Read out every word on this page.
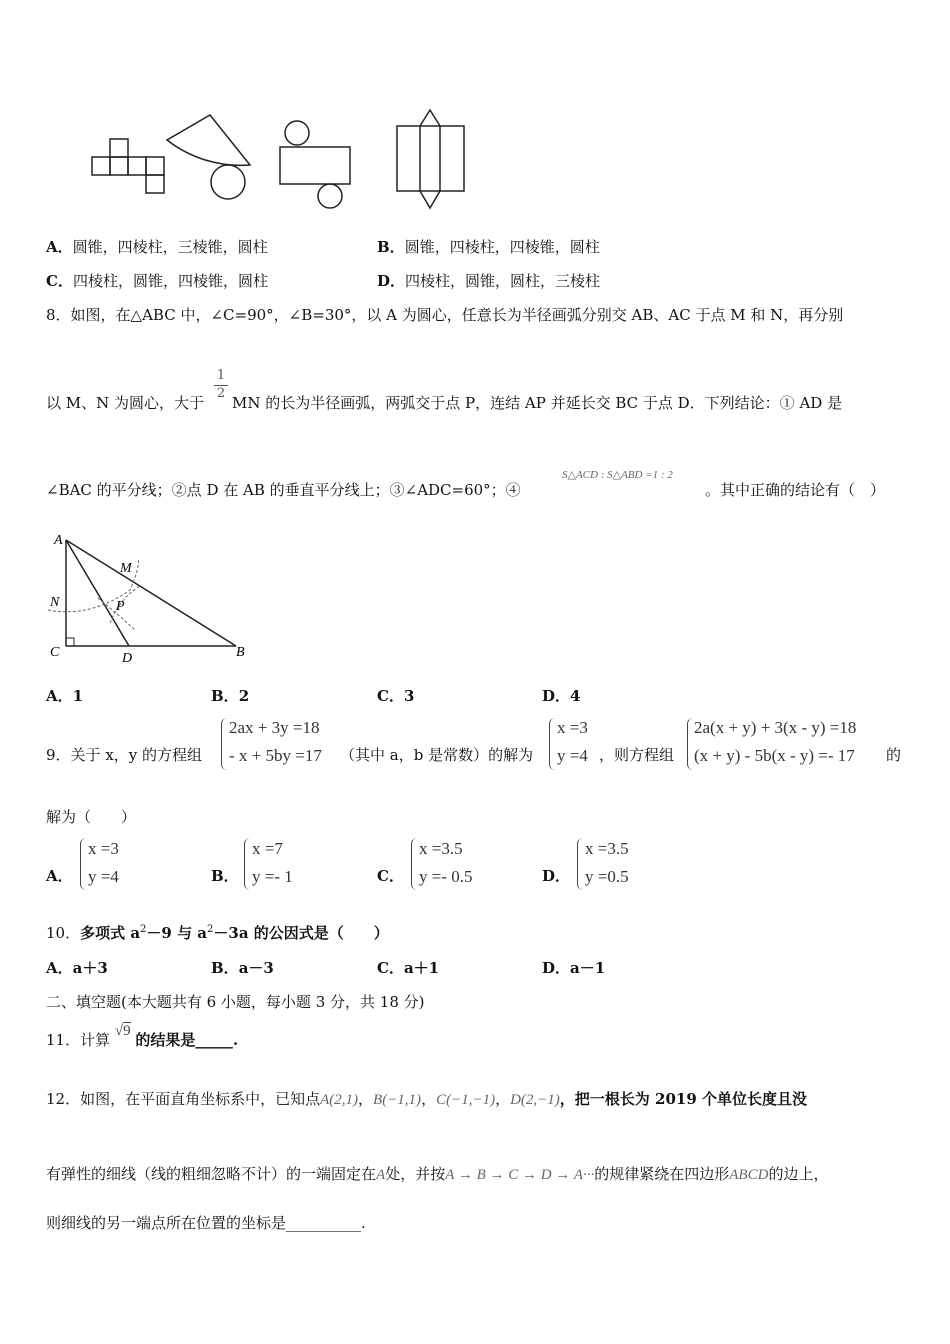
A．圆锥，四棱柱，三棱锥，圆柱	B．圆锥，四棱柱，四棱锥，圆柱
C．四棱柱，圆锥，四棱锥，圆柱	D．四棱柱，圆锥，圆柱，三棱柱
8．如图，在△ABC 中，∠C=90°，∠B=30°，以 A 为圆心，任意长为半径画弧分别交 AB、AC 于点 M 和 N，再分别
以 M、N 为圆心，大于
1
2
MN 的长为半径画弧，两弧交于点 P，连结 AP 并延长交 BC 于点 D．下列结论：① AD 是
∠BAC 的平分线；②点 D 在 AB 的垂直平分线上；③∠ADC=60°；④
S△ACD : S△ABD =1 : 2
。其中正确的结论有（　）
A
M
N	P
C	D	B
A．1	B．2	C．3	D．4
9．关于 x，y 的方程组
2ax + 3y =18
- x + 5by =17 （其中 a，b 是常数）的解为
x =3
y =4 ，则方程组
2a(x + y) + 3(x - y) =18
(x + y) - 5b(x - y) =- 17 的
解为（　　）
A．
x =3
y =4	B．
x =7
y =- 1	C．
x =3.5
y =- 0.5	D．
x =3.5
y =0.5
10．多项式 $a^2-9$ 与 $a^2-3a$ 的公因式是（　　）
A．a＋3	B．a－3	C．a＋1	D．a－1
二、填空题(本大题共有 6 小题，每小题 3 分，共 18 分)
11．计算 √9 的结果是_____.
12．如图，在平面直角坐标系中，已知点A(2,1)，B(−1,1)，C(−1,−1)，D(2,−1)，把一根长为 2019 个单位长度且没
有弹性的细线（线的粗细忽略不计）的一端固定在A处，并按A → B → C → D → A···的规律紧绕在四边形ABCD的边上，
则细线的另一端点所在位置的坐标是__________.
